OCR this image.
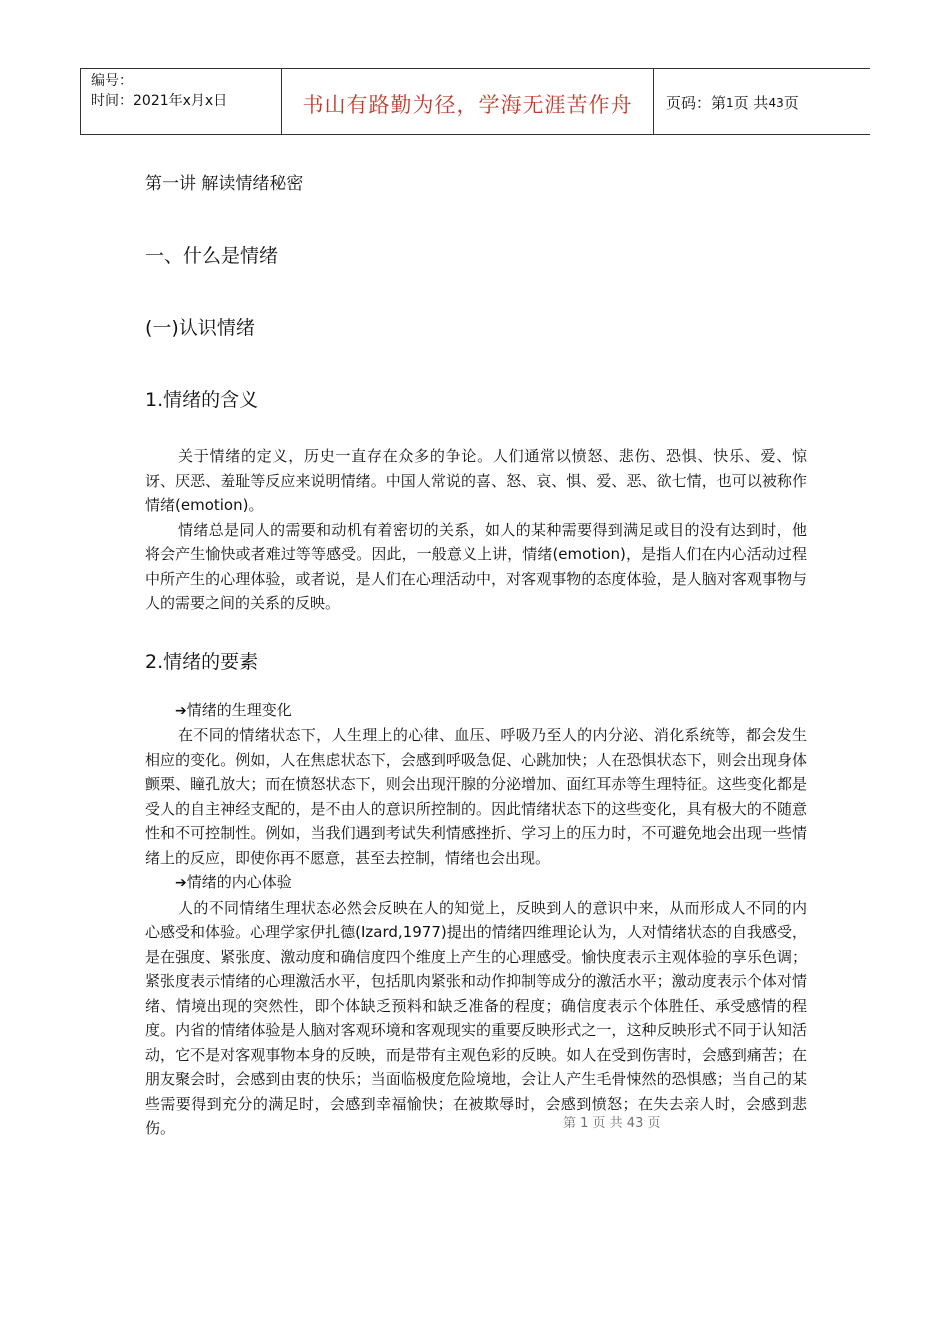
编号：
时间：2021年x月x日	书山有路勤为径，学海无涯苦作舟	页码：第 1 页 共 43 页
第一讲 解读情绪秘密
一、什么是情绪
(一)认识情绪
1.情绪的含义

关于情绪的定义，历史一直存在众多的争论。人们通常以愤怒、悲伤、恐惧、快乐、爱、惊讶、厌恶、羞耻等反应来说明情绪。中国人常说的喜、怒、哀、惧、爱、恶、欲七情，也可以被称作情绪(emotion)。

情绪总是同人的需要和动机有着密切的关系，如人的某种需要得到满足或目的没有达到时，他将会产生愉快或者难过等等感受。因此，一般意义上讲，情绪(emotion)，是指人们在内心活动过程中所产生的心理体验，或者说，是人们在心理活动中，对客观事物的态度体验，是人脑对客观事物与人的需要之间的关系的反映。

2.情绪的要素
➔情绪的生理变化

在不同的情绪状态下，人生理上的心律、血压、呼吸乃至人的内分泌、消化系统等，都会发生相应的变化。例如，人在焦虑状态下，会感到呼吸急促、心跳加快；人在恐惧状态下，则会出现身体颤栗、瞳孔放大；而在愤怒状态下，则会出现汗腺的分泌增加、面红耳赤等生理特征。这些变化都是受人的自主神经支配的，是不由人的意识所控制的。因此情绪状态下的这些变化，具有极大的不随意性和不可控制性。例如，当我们遇到考试失利情感挫折、学习上的压力时，不可避免地会出现一些情绪上的反应，即使你再不愿意，甚至去控制，情绪也会出现。

➔情绪的内心体验

人的不同情绪生理状态必然会反映在人的知觉上，反映到人的意识中来，从而形成人不同的内心感受和体验。心理学家伊扎德(Izard,1977)提出的情绪四维理论认为，人对情绪状态的自我感受，是在强度、紧张度、激动度和确信度四个维度上产生的心理感受。愉快度表示主观体验的享乐色调；紧张度表示情绪的心理激活水平，包括肌肉紧张和动作抑制等成分的激活水平；激动度表示个体对情绪、情境出现的突然性，即个体缺乏预料和缺乏准备的程度；确信度表示个体胜任、承受感情的程度。内省的情绪体验是人脑对客观环境和客观现实的重要反映形式之一，这种反映形式不同于认知活动，它不是对客观事物本身的反映，而是带有主观色彩的反映。如人在受到伤害时，会感到痛苦；在朋友聚会时，会感到由衷的快乐；当面临极度危险境地，会让人产生毛骨悚然的恐惧感；当自己的某些需要得到充分的满足时，会感到幸福愉快；在被欺辱时，会感到愤怒；在失去亲人时，会感到悲伤。	第 1 页 共 43 页
